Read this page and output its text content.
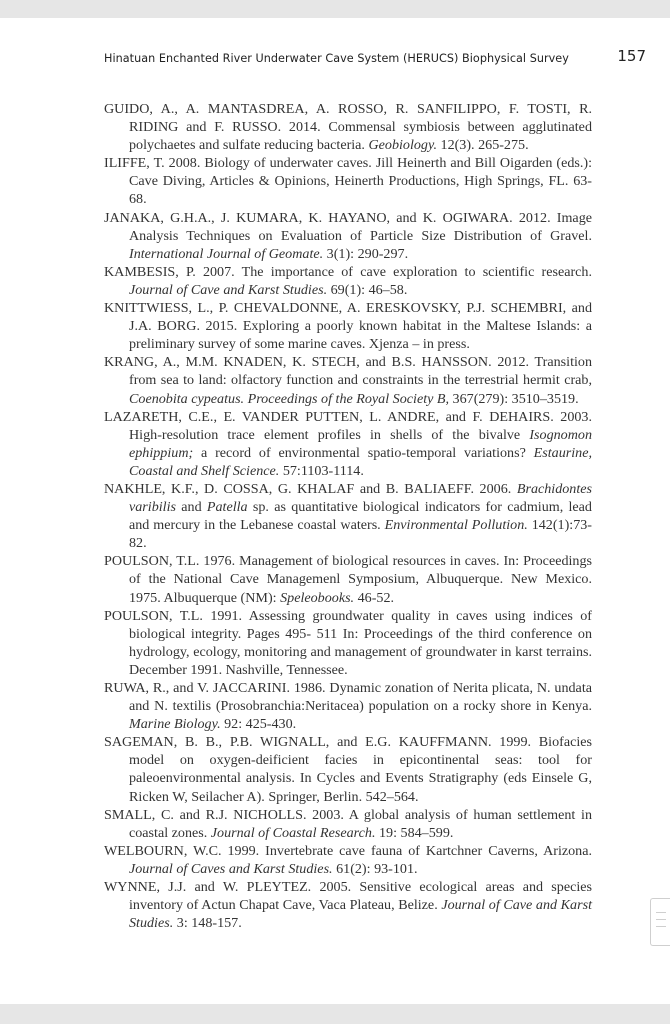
Hinatuan Enchanted River Underwater Cave System (HERUCS) Biophysical Survey	157

GUIDO, A., A. MANTASDREA, A. ROSSO, R. SANFILIPPO, F. TOSTI, R. RIDING and F. RUSSO. 2014. Commensal symbiosis between agglutinated polychaetes and sulfate reducing bacteria. Geobiology. 12(3). 265-275.

ILIFFE, T. 2008. Biology of underwater caves. Jill Heinerth and Bill Oigarden (eds.): Cave Diving, Articles & Opinions, Heinerth Productions, High Springs, FL. 63-68.

JANAKA, G.H.A., J. KUMARA, K. HAYANO, and K. OGIWARA. 2012. Image Analysis Techniques on Evaluation of Particle Size Distribution of Gravel. International Journal of Geomate. 3(1): 290-297.

KAMBESIS, P. 2007. The importance of cave exploration to scientific research. Journal of Cave and Karst Studies. 69(1): 46–58.

KNITTWIESS, L., P. CHEVALDONNE, A. ERESKOVSKY, P.J. SCHEMBRI, and J.A. BORG. 2015. Exploring a poorly known habitat in the Maltese Islands: a preliminary survey of some marine caves. Xjenza – in press.

KRANG, A., M.M. KNADEN, K. STECH, and B.S. HANSSON. 2012. Transition from sea to land: olfactory function and constraints in the terrestrial hermit crab, Coenobita cypeatus. Proceedings of the Royal Society B, 367(279): 3510–3519.

LAZARETH, C.E., E. VANDER PUTTEN, L. ANDRE, and F. DEHAIRS. 2003. High-resolution trace element profiles in shells of the bivalve Isognomon ephippium; a record of environmental spatio-temporal variations? Estaurine, Coastal and Shelf Science. 57:1103-1114.

NAKHLE, K.F., D. COSSA, G. KHALAF and B. BALIAEFF. 2006. Brachidontes varibilis and Patella sp. as quantitative biological indicators for cadmium, lead and mercury in the Lebanese coastal waters. Environmental Pollution. 142(1):73-82.

POULSON, T.L. 1976. Management of biological resources in caves. In: Proceedings of the National Cave Managemenl Symposium, Albuquerque. New Mexico. 1975. Albuquerque (NM): Speleobooks. 46-52.

POULSON, T.L. 1991. Assessing groundwater quality in caves using indices of biological integrity. Pages 495- 511 In: Proceedings of the third conference on hydrology, ecology, monitoring and management of groundwater in karst terrains. December 1991. Nashville, Tennessee.

RUWA, R., and V. JACCARINI. 1986. Dynamic zonation of Nerita plicata, N. undata and N. textilis (Prosobranchia:Neritacea) population on a rocky shore in Kenya. Marine Biology. 92: 425-430.

SAGEMAN, B. B., P.B. WIGNALL, and E.G. KAUFFMANN. 1999. Biofacies model on oxygen-deificient facies in epicontinental seas: tool for paleoenvironmental analysis. In Cycles and Events Stratigraphy (eds Einsele G, Ricken W, Seilacher A). Springer, Berlin. 542–564.

SMALL, C. and R.J. NICHOLLS. 2003. A global analysis of human settlement in coastal zones. Journal of Coastal Research. 19: 584–599.

WELBOURN, W.C. 1999. Invertebrate cave fauna of Kartchner Caverns, Arizona. Journal of Caves and Karst Studies. 61(2): 93-101.

WYNNE, J.J. and W. PLEYTEZ. 2005. Sensitive ecological areas and species inventory of Actun Chapat Cave, Vaca Plateau, Belize. Journal of Cave and Karst Studies. 3: 148-157.
